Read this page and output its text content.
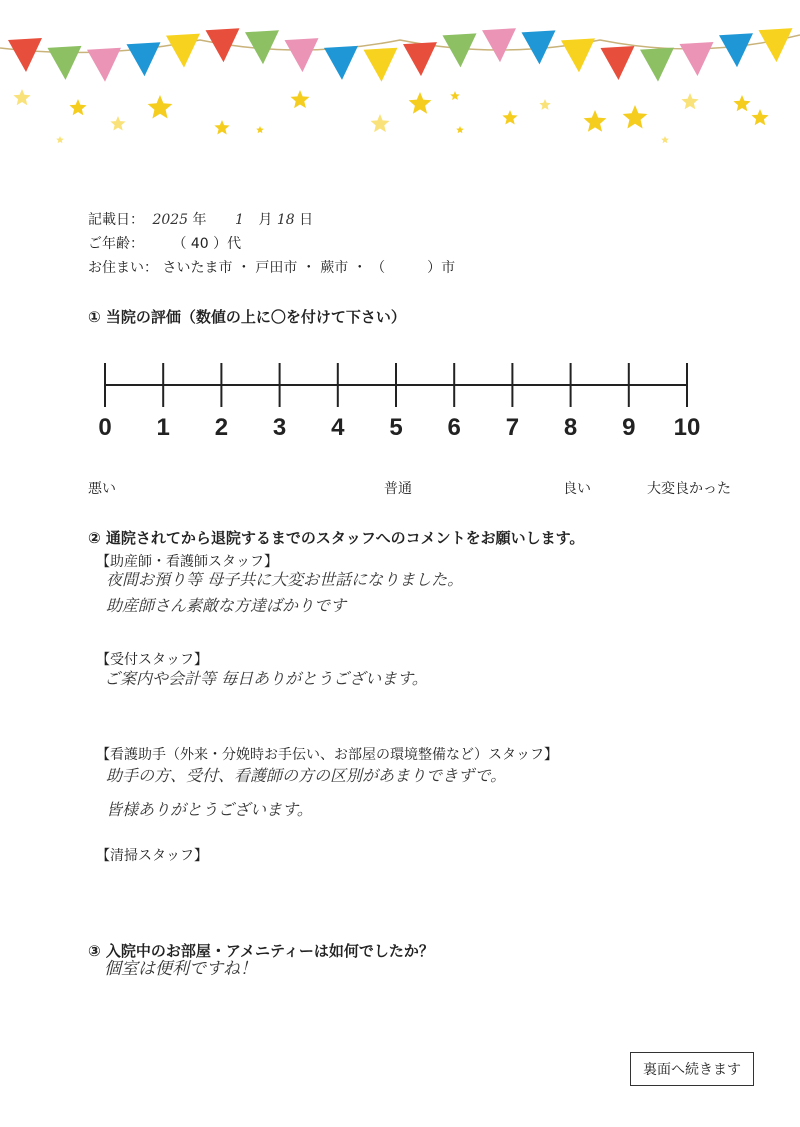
記載日： 2025 年 1 月 18 日
ご年齢： （ 40 ）代
お住まい： さいたま市 ・ 戸田市 ・ 蕨市 ・ （　　　）市
① 当院の評価（数値の上に〇を付けて下さい）
0	1	2	3	4	5	6	7	8	9	10
悪い	普通	良い	大変良かった
② 通院されてから退院するまでのスタッフへのコメントをお願いします。
【助産師・看護師スタッフ】
夜間お預り等 母子共に大変お世話になりました。
助産師さん素敵な方達ばかりです
【受付スタッフ】
ご案内や会計等 毎日ありがとうございます。
【看護助手（外来・分娩時お手伝い、お部屋の環境整備など）スタッフ】
助手の方、受付、看護師の方の区別があまりできずで。
皆様ありがとうございます。
【清掃スタッフ】
③ 入院中のお部屋・アメニティーは如何でしたか？
個室は便利ですね！
裏面へ続きます
